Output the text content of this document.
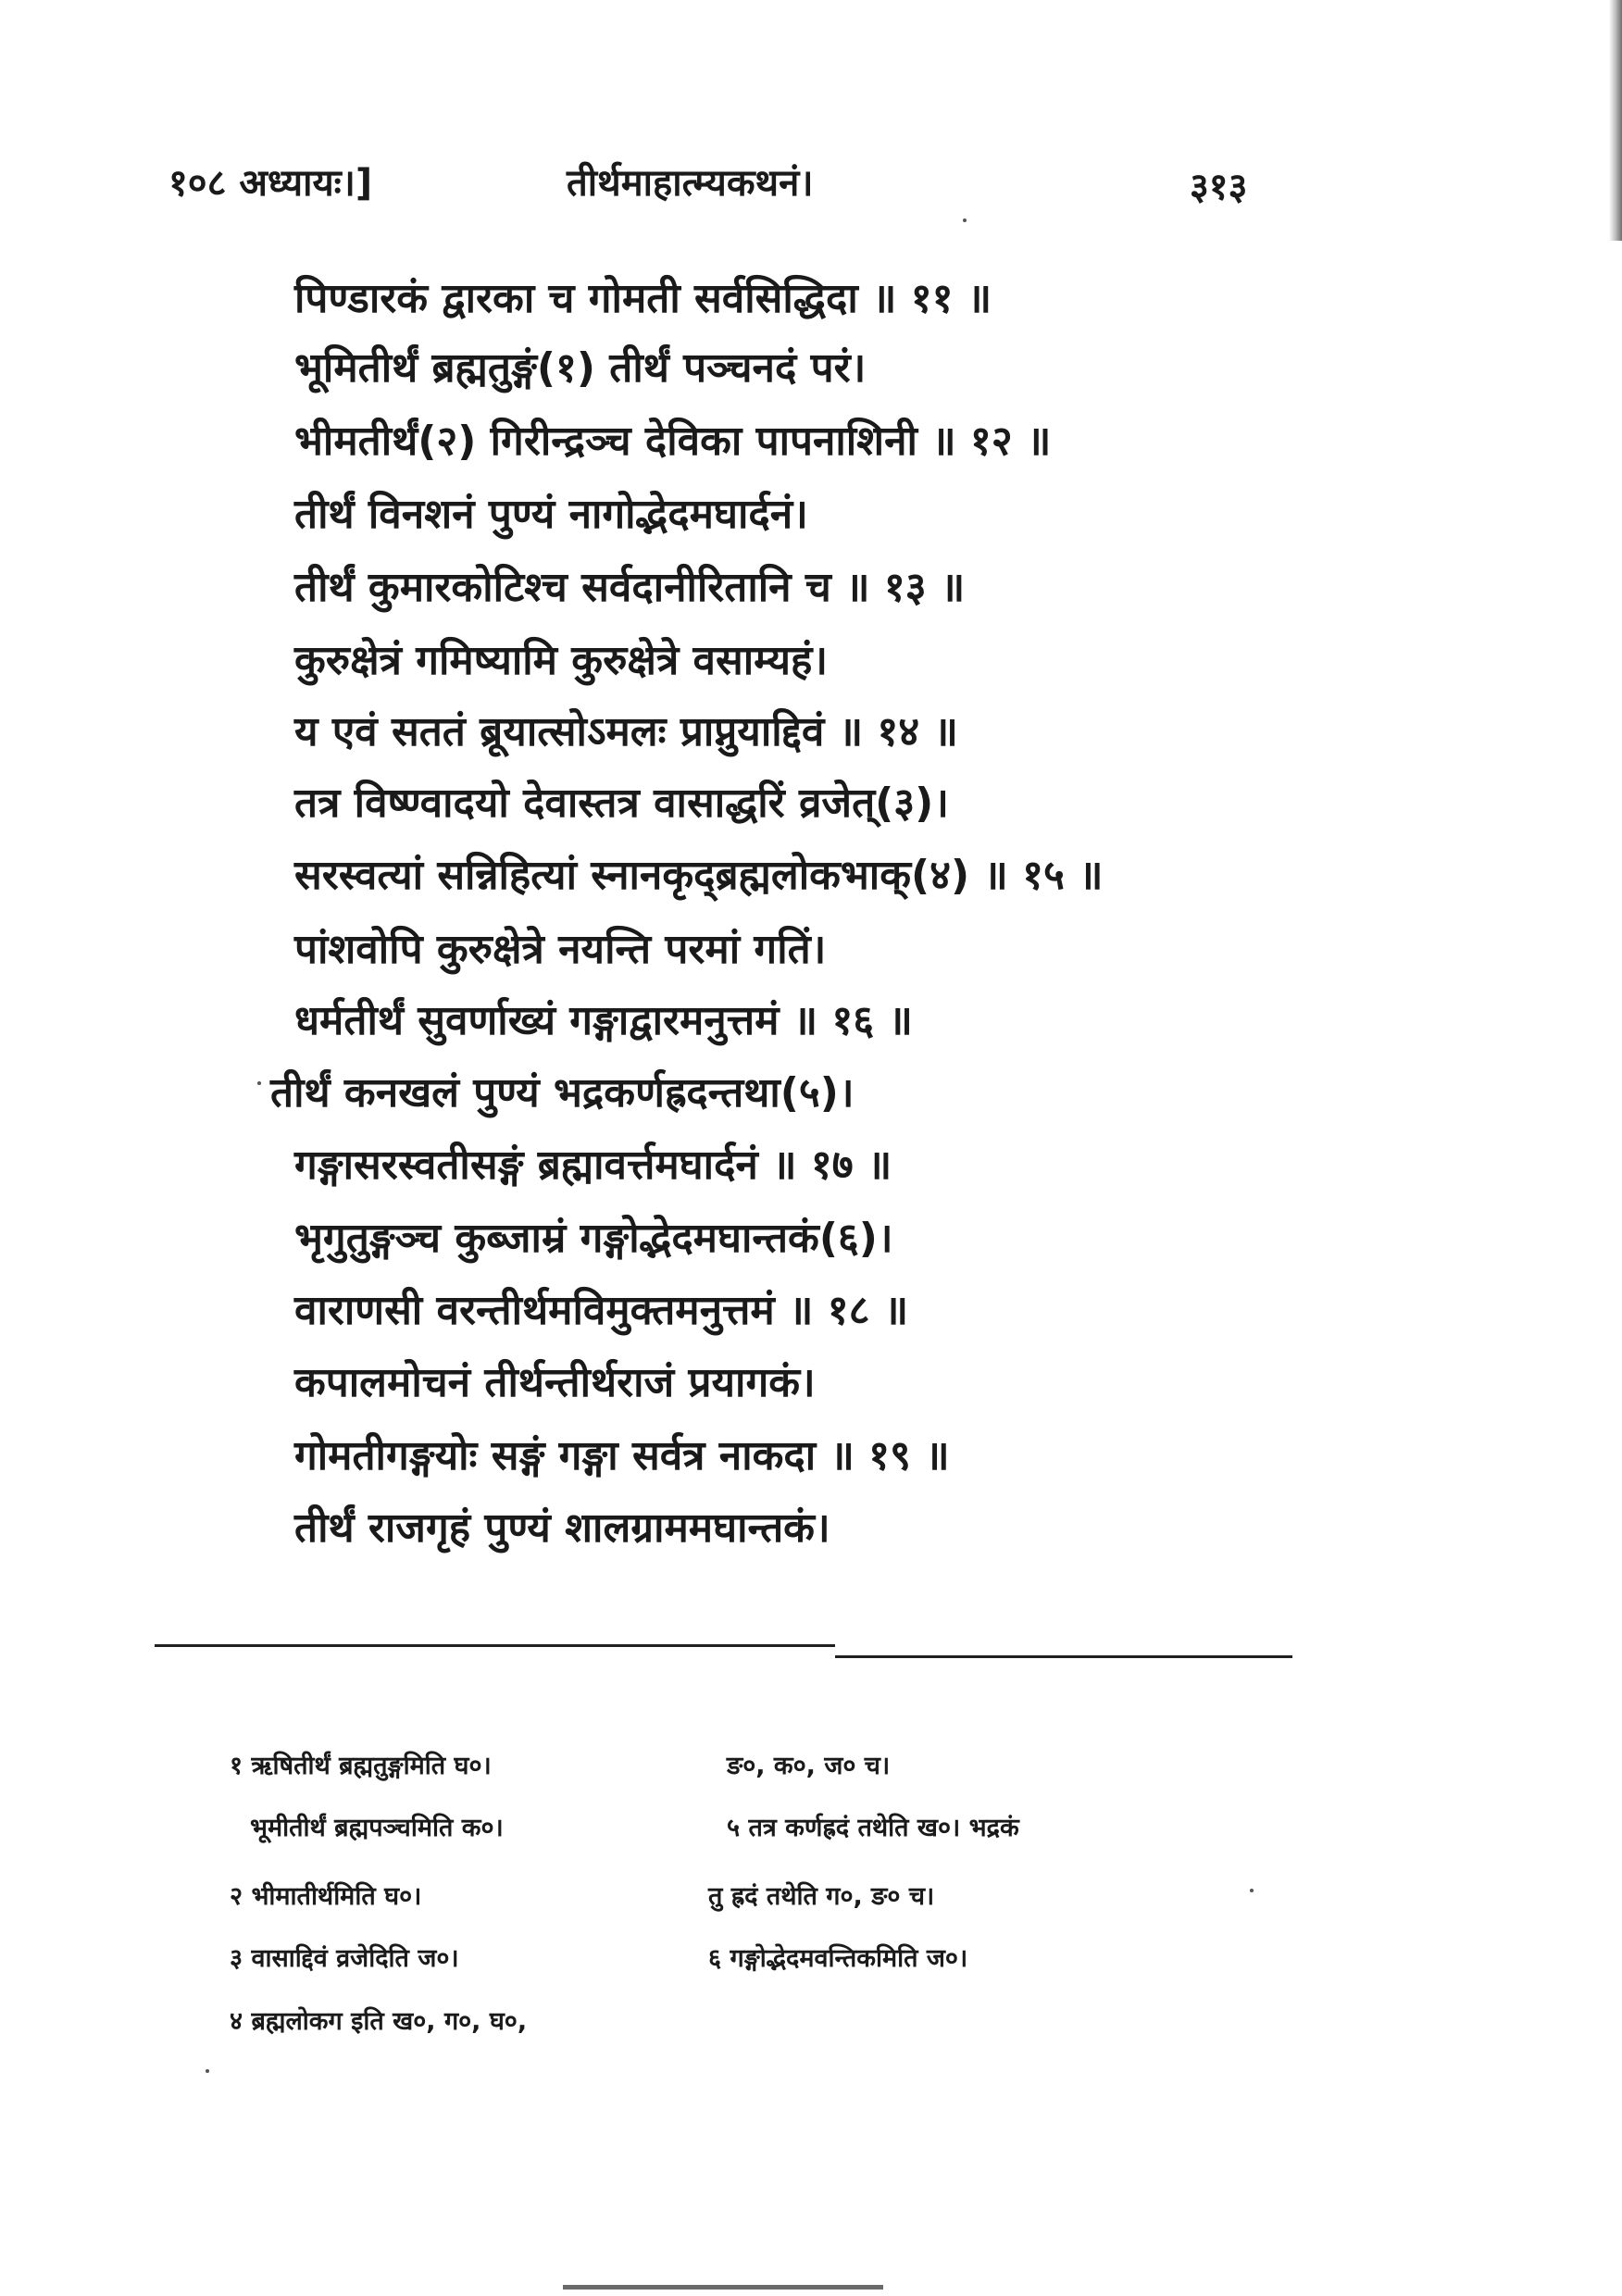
१०८ अध्यायः।]	तीर्थमाहात्म्यकथनं।	३१३
पिण्डारकं द्वारका च गोमती सर्वसिद्धिदा ॥ ११ ॥
भूमितीर्थं ब्रह्मतुङ्गं(१) तीर्थं पञ्चनदं परं।
भीमतीर्थं(२) गिरीन्द्रञ्च देविका पापनाशिनी ॥ १२ ॥
तीर्थं विनशनं पुण्यं नागोद्भेदमघार्दनं।
तीर्थं कुमारकोटिश्च सर्वदानीरितानि च ॥ १३ ॥
कुरुक्षेत्रं गमिष्यामि कुरुक्षेत्रे वसाम्यहं।
य एवं सततं ब्रूयात्सोऽमलः प्राप्नुयाद्दिवं ॥ १४ ॥
तत्र विष्ण्वादयो देवास्तत्र वासाद्धरिं व्रजेत्(३)।
सरस्वत्यां सन्निहित्यां स्नानकृद्ब्रह्मलोकभाक्(४) ॥ १५ ॥
पांशवोपि कुरुक्षेत्रे नयन्ति परमां गतिं।
धर्मतीर्थं सुवर्णाख्यं गङ्गाद्वारमनुत्तमं ॥ १६ ॥
तीर्थं कनखलं पुण्यं भद्रकर्णह्रदन्तथा(५)।
गङ्गासरस्वतीसङ्गं ब्रह्मावर्त्तमघार्दनं ॥ १७ ॥
भृगुतुङ्गञ्च कुब्जाम्रं गङ्गोद्भेदमघान्तकं(६)।
वाराणसी वरन्तीर्थमविमुक्तमनुत्तमं ॥ १८ ॥
कपालमोचनं तीर्थन्तीर्थराजं प्रयागकं।
गोमतीगङ्गयोः सङ्गं गङ्गा सर्वत्र नाकदा ॥ १९ ॥
तीर्थं राजगृहं पुण्यं शालग्राममघान्तकं।
१ ऋषितीर्थं ब्रह्मतुङ्गमिति घ०।
भूमीतीर्थं ब्रह्मपञ्चमिति क०।
२ भीमातीर्थमिति घ०।
३ वासाद्दिवं व्रजेदिति ज०।
४ ब्रह्मलोकग इति ख०, ग०, घ०,
ङ०, क०, ज० च।
५ तत्र कर्णह्रदं तथेति ख०। भद्रकं
तु ह्रदं तथेति ग०, ङ० च।
६ गङ्गोद्भेदमवन्तिकमिति ज०।
